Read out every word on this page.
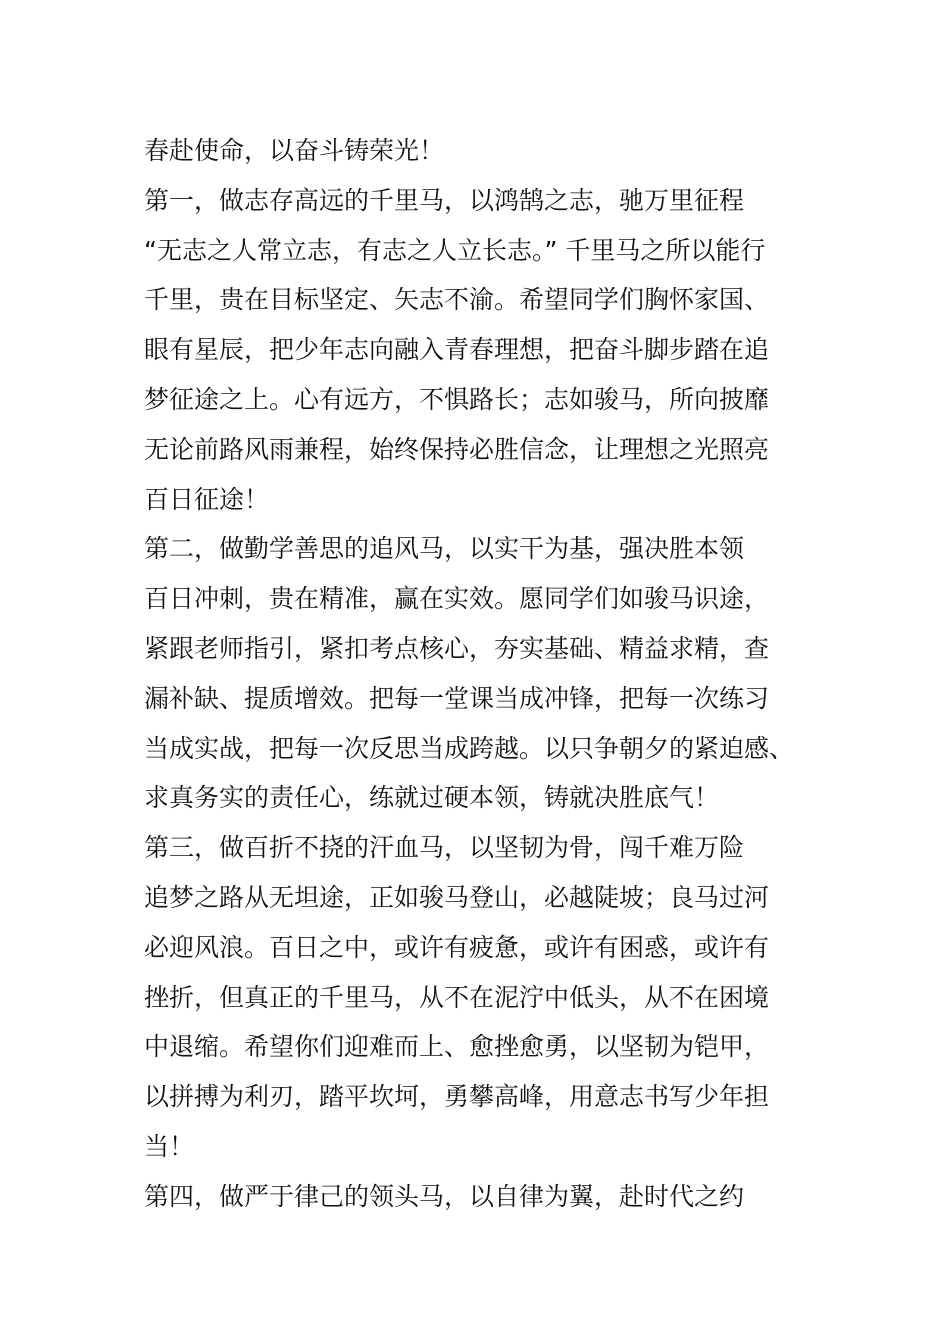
春赴使命，以奋斗铸荣光！
第一，做志存高远的千里马，以鸿鹄之志，驰万里征程
“无志之人常立志，有志之人立长志。” 千里马之所以能行
千里，贵在目标坚定、矢志不渝。希望同学们胸怀家国、
眼有星辰，把少年志向融入青春理想，把奋斗脚步踏在追
梦征途之上。心有远方，不惧路长；志如骏马，所向披靡
无论前路风雨兼程，始终保持必胜信念，让理想之光照亮
百日征途！
第二，做勤学善思的追风马，以实干为基，强决胜本领
百日冲刺，贵在精准，赢在实效。愿同学们如骏马识途，
紧跟老师指引，紧扣考点核心，夯实基础、精益求精，查
漏补缺、提质增效。把每一堂课当成冲锋，把每一次练习
当成实战，把每一次反思当成跨越。以只争朝夕的紧迫感、
求真务实的责任心，练就过硬本领，铸就决胜底气！
第三，做百折不挠的汗血马，以坚韧为骨，闯千难万险
追梦之路从无坦途，正如骏马登山，必越陡坡；良马过河
必迎风浪。百日之中，或许有疲惫，或许有困惑，或许有
挫折，但真正的千里马，从不在泥泞中低头，从不在困境
中退缩。希望你们迎难而上、愈挫愈勇，以坚韧为铠甲，
以拼搏为利刃，踏平坎坷，勇攀高峰，用意志书写少年担
当！
第四，做严于律己的领头马，以自律为翼，赴时代之约
